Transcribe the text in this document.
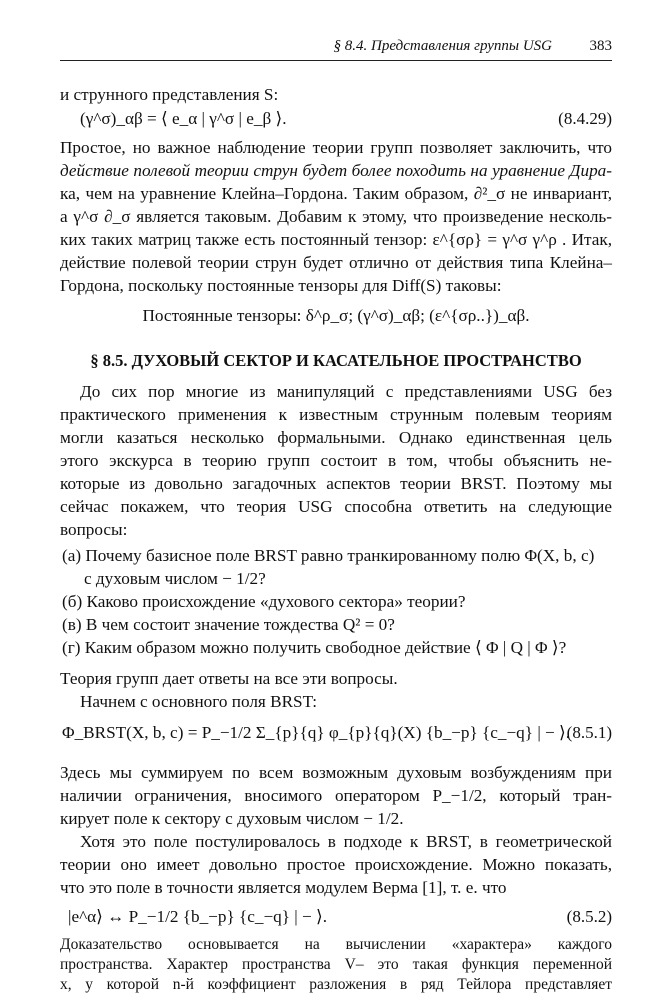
§ 8.4. Представления группы USG	383
и струнного представления S:
(γ^σ)_αβ = ⟨ e_α | γ^σ | e_β ⟩.	(8.4.29)
Простое, но важное наблюдение теории групп позволяет заключить, что
действие полевой теории струн будет более походить на уравнение Дира-
ка, чем на уравнение Клейна–Гордона. Таким образом, ∂²_σ не инвариант,
а γ^σ ∂_σ является таковым. Добавим к этому, что произведение несколь-
ких таких матриц также есть постоянный тензор: ε^{σρ} = γ^σ γ^ρ . Итак,
действие полевой теории струн будет отлично от действия типа Клейна–
Гордона, поскольку постоянные тензоры для Diff(S) таковы:
Постоянные тензоры: δ^ρ_σ; (γ^σ)_αβ; (ε^{σρ..})_αβ.
§ 8.5. ДУХОВЫЙ СЕКТОР И КАСАТЕЛЬНОЕ ПРОСТРАНСТВО
До сих пор многие из манипуляций с представлениями USG без
практического применения к известным струнным полевым теориям
могли казаться несколько формальными. Однако единственная цель
этого экскурса в теорию групп состоит в том, чтобы объяснить не-
которые из довольно загадочных аспектов теории BRST. Поэтому мы
сейчас покажем, что теория USG способна ответить на следующие
вопросы:
(а) Почему базисное поле BRST равно транкированному полю Φ(X, b, c)
с духовым числом − 1/2?
(б) Каково происхождение «духового сектора» теории?
(в) В чем состоит значение тождества Q² = 0?
(г) Каким образом можно получить свободное действие ⟨ Φ | Q | Φ ⟩?
Теория групп дает ответы на все эти вопросы.
Начнем с основного поля BRST:
Φ_BRST(X, b, c) = P_−1/2 Σ_{p}{q} φ_{p}{q}(X) {b_−p} {c_−q} | − ⟩.
(8.5.1)
Здесь мы суммируем по всем возможным духовым возбуждениям при
наличии ограничения, вносимого оператором P_−1/2, который тран-
кирует поле к сектору с духовым числом − 1/2.
Хотя это поле постулировалось в подходе к BRST, в геометрической
теории оно имеет довольно простое происхождение. Можно показать,
что это поле в точности является модулем Верма [1], т. е. что
|e^α⟩ ↔ P_−1/2 {b_−p} {c_−q} | − ⟩.	(8.5.2)
Доказательство основывается на вычислении «характера» каждого
пространства. Характер пространства V– это такая функция переменной
x, у которой n-й коэффициент разложения в ряд Тейлора представляет
